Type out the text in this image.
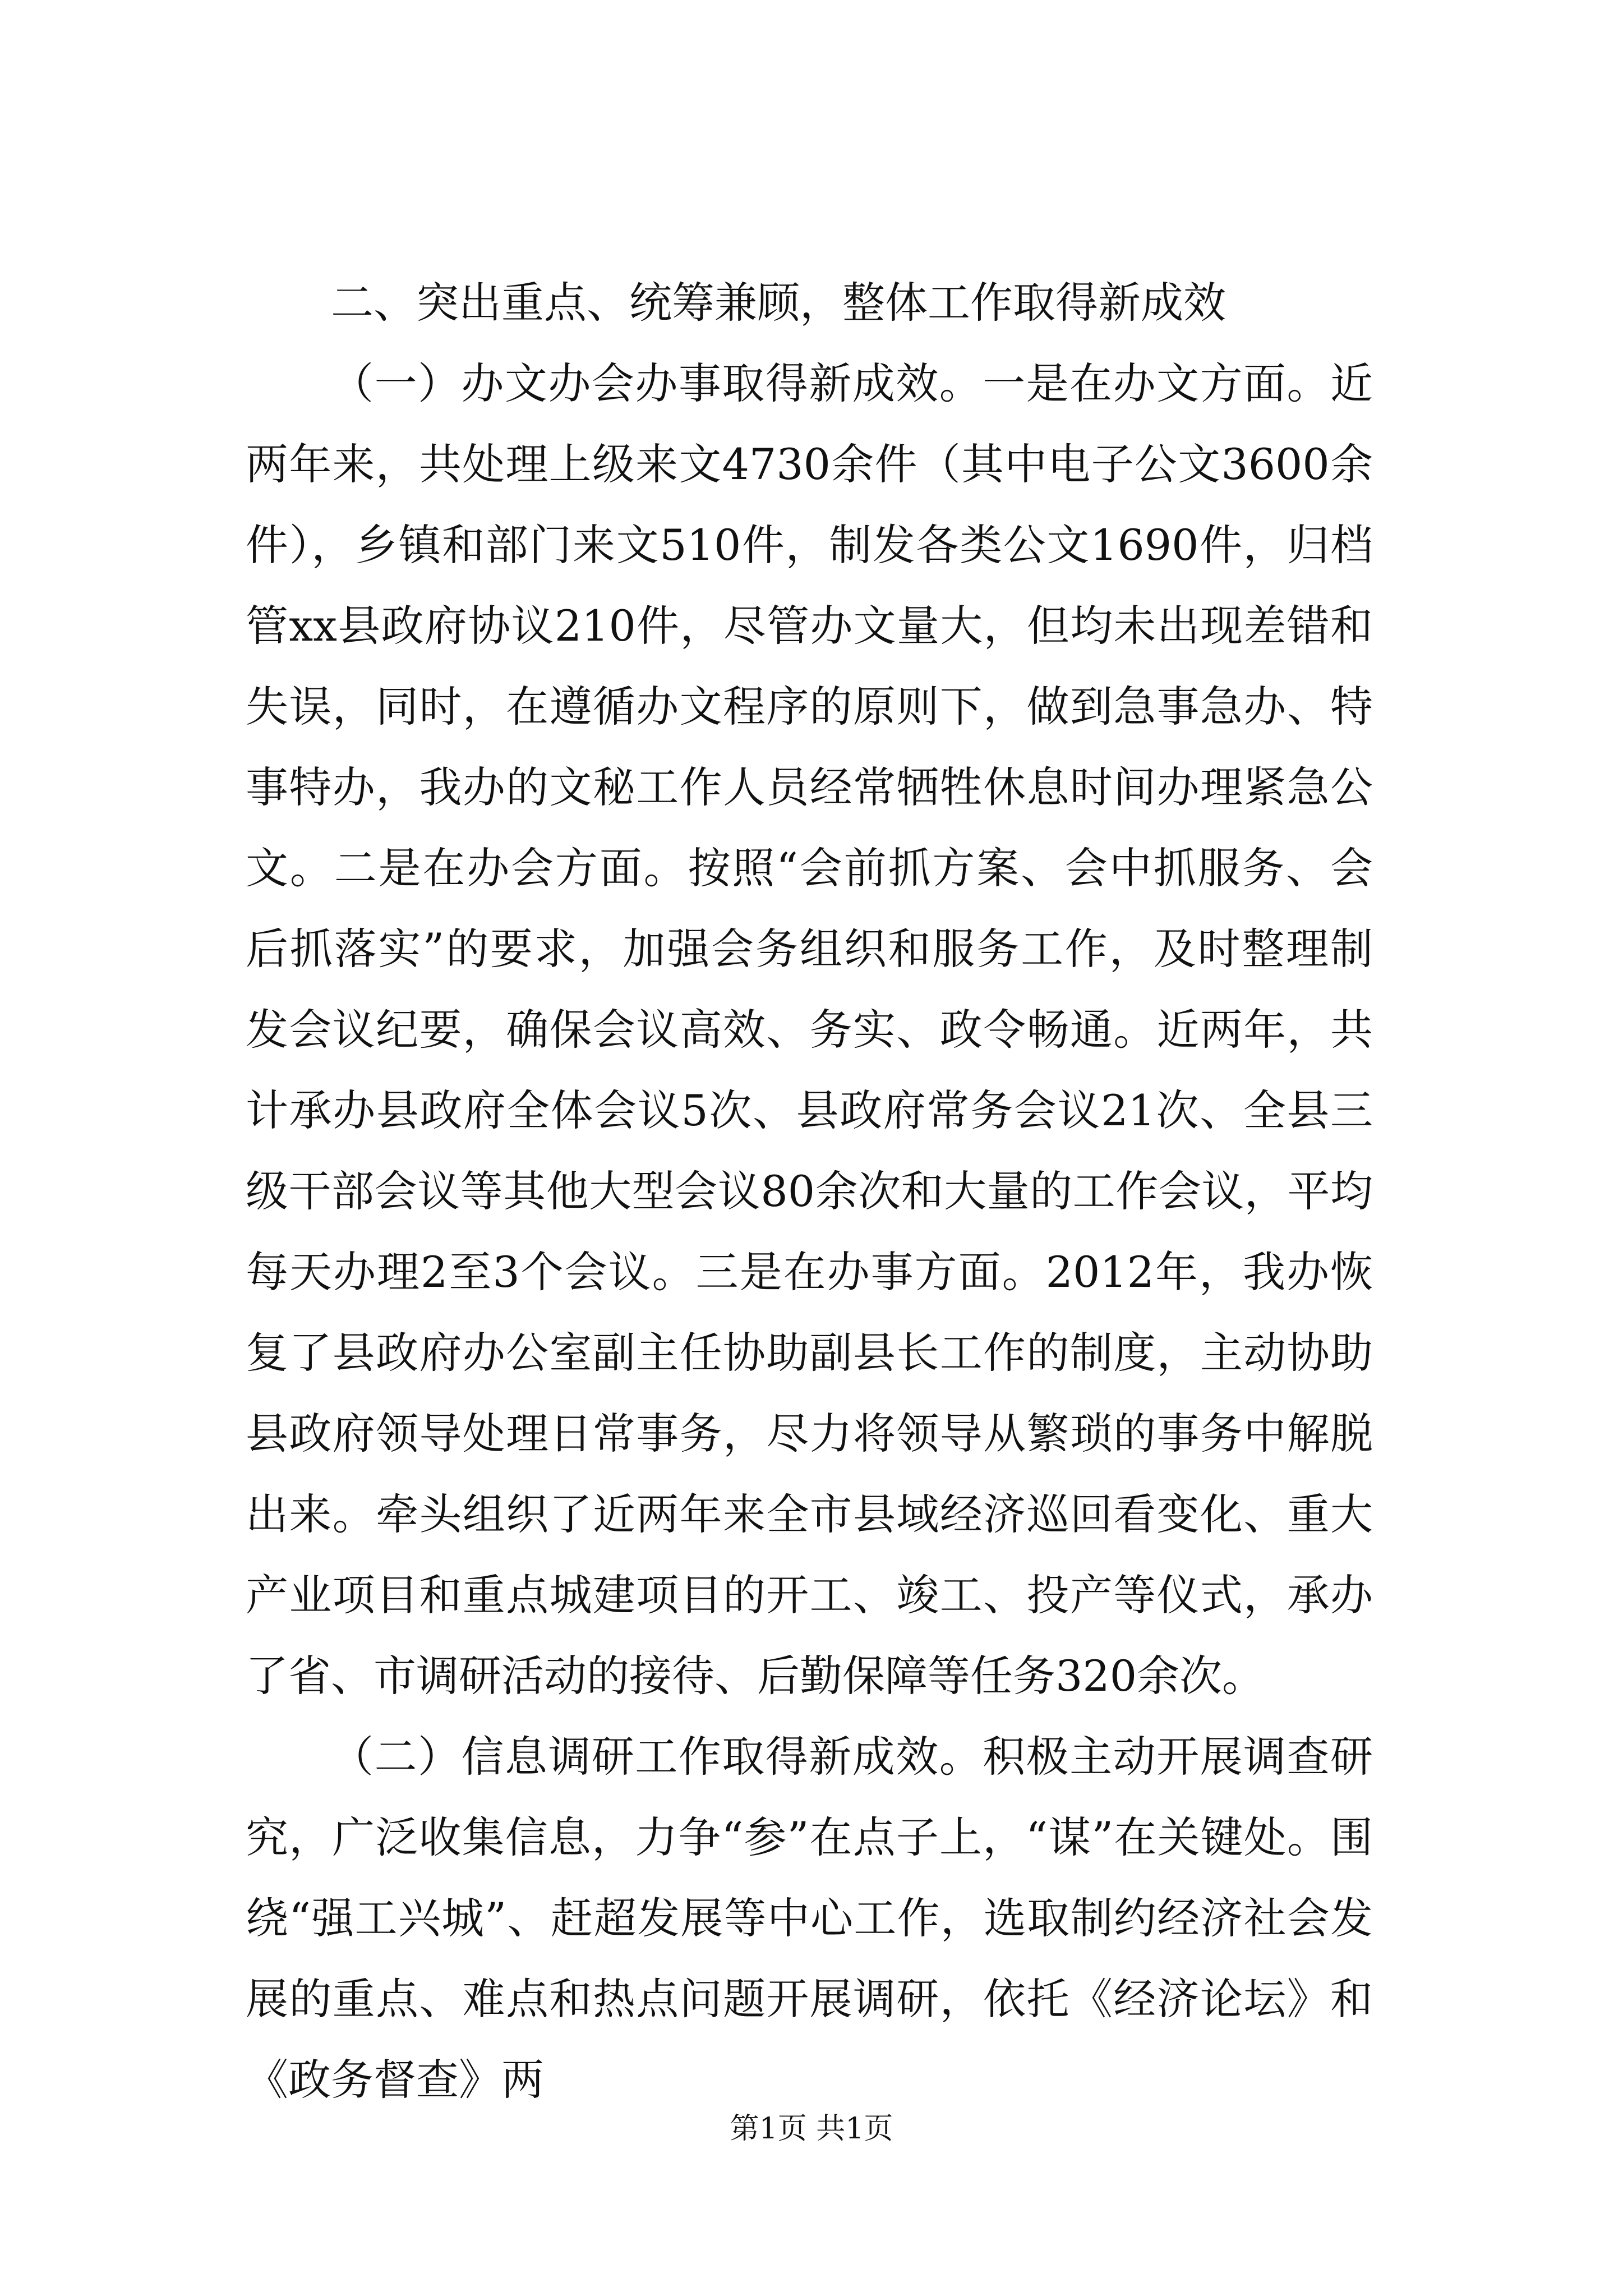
二、突出重点、统筹兼顾，整体工作取得新成效

（一）办文办会办事取得新成效。一是在办文方面。近两年来，共处理上级来文4730余件（其中电子公文3600余件），乡镇和部门来文510件，制发各类公文1690件，归档管xx县政府协议210件，尽管办文量大，但均未出现差错和失误，同时，在遵循办文程序的原则下，做到急事急办、特事特办，我办的文秘工作人员经常牺牲休息时间办理紧急公文。二是在办会方面。按照“会前抓方案、会中抓服务、会后抓落实”的要求，加强会务组织和服务工作，及时整理制发会议纪要，确保会议高效、务实、政令畅通。近两年，共计承办县政府全体会议5次、县政府常务会议21次、全县三级干部会议等其他大型会议80余次和大量的工作会议，平均每天办理2至3个会议。三是在办事方面。2012年，我办恢复了县政府办公室副主任协助副县长工作的制度，主动协助县政府领导处理日常事务，尽力将领导从繁琐的事务中解脱出来。牵头组织了近两年来全市县域经济巡回看变化、重大产业项目和重点城建项目的开工、竣工、投产等仪式，承办了省、市调研活动的接待、后勤保障等任务320余次。

（二）信息调研工作取得新成效。积极主动开展调查研究，广泛收集信息，力争“参”在点子上，“谋”在关键处。围绕“强工兴城”、赶超发展等中心工作，选取制约经济社会发展的重点、难点和热点问题开展调研，依托《经济论坛》和《政务督查》两

第1页 共1页
